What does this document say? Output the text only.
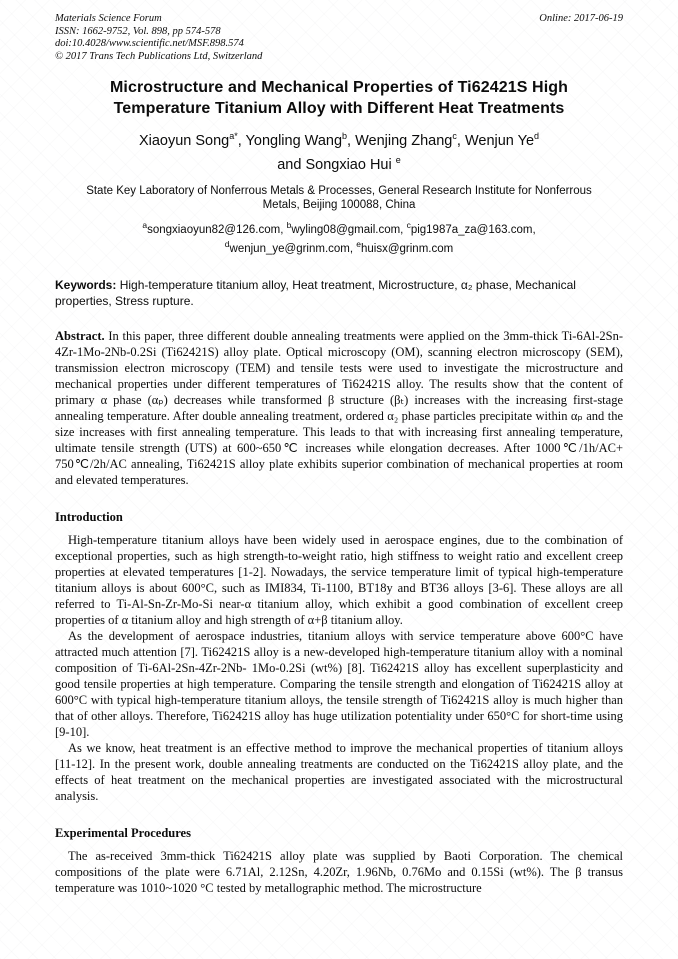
Materials Science Forum
ISSN: 1662-9752, Vol. 898, pp 574-578
doi:10.4028/www.scientific.net/MSF.898.574
© 2017 Trans Tech Publications Ltd, Switzerland
Online: 2017-06-19
Microstructure and Mechanical Properties of Ti62421S High
Temperature Titanium Alloy with Different Heat Treatments
Xiaoyun Song$^{a*}$, Yongling Wang$^b$, Wenjing Zhang$^c$, Wenjun Ye$^d$
and Songxiao Hui $^e$
State Key Laboratory of Nonferrous Metals & Processes, General Research Institute for Nonferrous
Metals, Beijing 100088, China
$^a$songxiaoyun82@126.com, $^b$wyling08@gmail.com, $^c$pig1987a_za@163.com,
$^d$wenjun_ye@grinm.com, $^e$huisx@grinm.com
Keywords: High-temperature titanium alloy, Heat treatment, Microstructure, α₂ phase, Mechanical properties, Stress rupture.
Abstract. In this paper, three different double annealing treatments were applied on the 3mm-thick Ti-6Al-2Sn-4Zr-1Mo-2Nb-0.2Si (Ti62421S) alloy plate. Optical microscopy (OM), scanning electron microscopy (SEM), transmission electron microscopy (TEM) and tensile tests were used to investigate the microstructure and mechanical properties under different temperatures of Ti62421S alloy. The results show that the content of primary α phase (αₚ) decreases while transformed β structure (βₜ) increases with the increasing first-stage annealing temperature. After double annealing treatment, ordered α₂ phase particles precipitate within αₚ and the size increases with first annealing temperature. This leads to that with increasing first annealing temperature, ultimate tensile strength (UTS) at 600~650℃ increases while elongation decreases. After 1000℃/1h/AC+ 750℃/2h/AC annealing, Ti62421S alloy plate exhibits superior combination of mechanical properties at room and elevated temperatures.
Introduction

High-temperature titanium alloys have been widely used in aerospace engines, due to the combination of exceptional properties, such as high strength-to-weight ratio, high stiffness to weight ratio and excellent creep properties at elevated temperatures [1-2]. Nowadays, the service temperature limit of typical high-temperature titanium alloys is about 600°C, such as IMI834, Ti-1100, BT18y and BT36 alloys [3-6]. These alloys are all referred to Ti-Al-Sn-Zr-Mo-Si near-α titanium alloy, which exhibit a good combination of excellent creep properties of α titanium alloy and high strength of α+β titanium alloy.

As the development of aerospace industries, titanium alloys with service temperature above 600°C have attracted much attention [7]. Ti62421S alloy is a new-developed high-temperature titanium alloy with a nominal composition of Ti-6Al-2Sn-4Zr-2Nb- 1Mo-0.2Si (wt%) [8]. Ti62421S alloy has excellent superplasticity and good tensile properties at high temperature. Comparing the tensile strength and elongation of Ti62421S alloy at 600°C with typical high-temperature titanium alloys, the tensile strength of Ti62421S alloy is much higher than that of other alloys. Therefore, Ti62421S alloy has huge utilization potentiality under 650°C for short-time using [9-10].

As we know, heat treatment is an effective method to improve the mechanical properties of titanium alloys [11-12]. In the present work, double annealing treatments are conducted on the Ti62421S alloy plate, and the effects of heat treatment on the mechanical properties are investigated associated with the microstructural analysis.

Experimental Procedures

The as-received 3mm-thick Ti62421S alloy plate was supplied by Baoti Corporation. The chemical compositions of the plate were 6.71Al, 2.12Sn, 4.20Zr, 1.96Nb, 0.76Mo and 0.15Si (wt%). The β transus temperature was 1010~1020 °C tested by metallographic method. The microstructure
